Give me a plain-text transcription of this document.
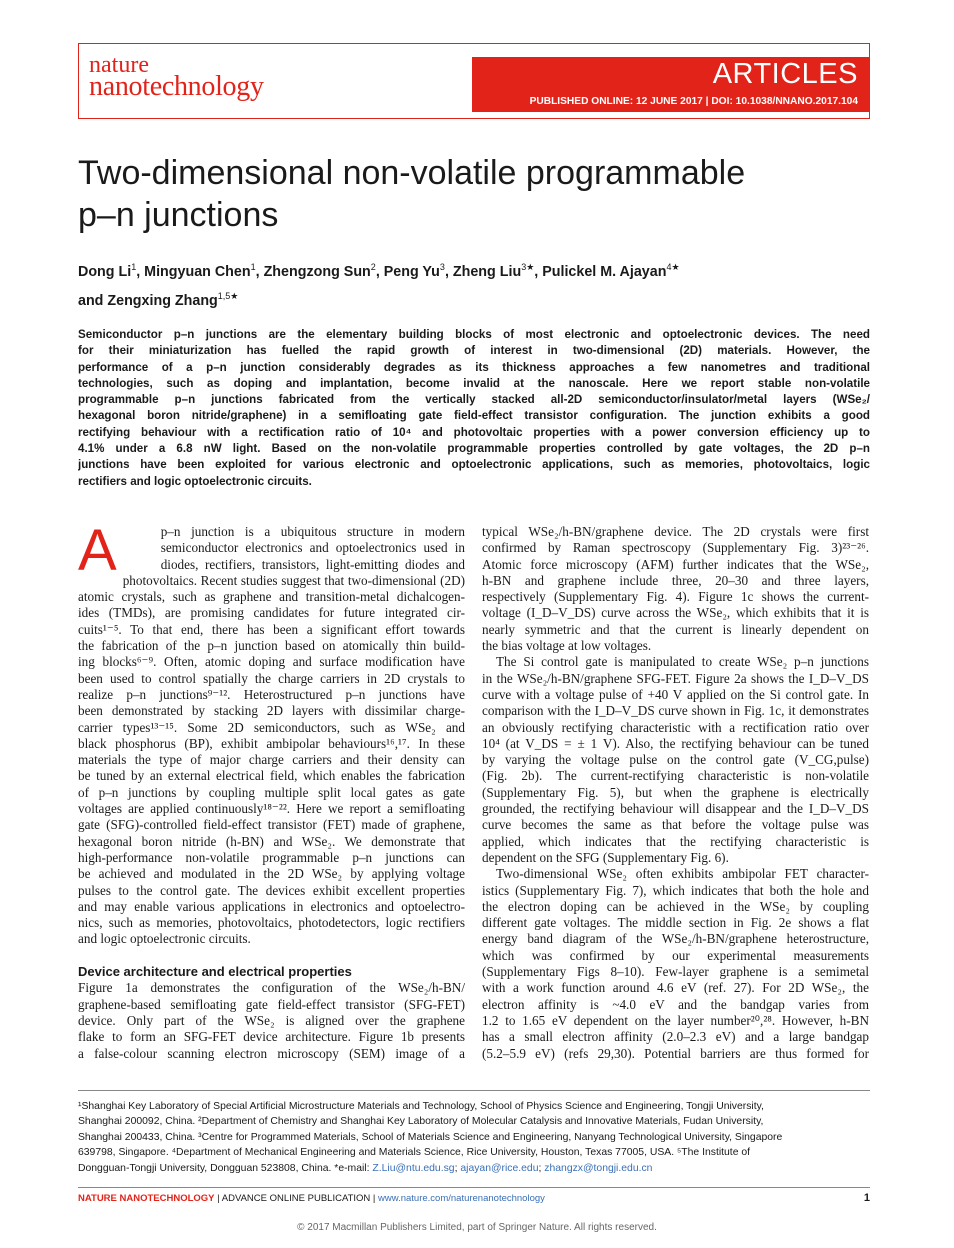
nature
nanotechnology	ARTICLES
PUBLISHED ONLINE: 12 JUNE 2017 | DOI: 10.1038/NNANO.2017.104
Two-dimensional non-volatile programmable
p–n junctions
Dong Li$^1$, Mingyuan Chen$^1$, Zhengzong Sun$^2$, Peng Yu$^3$, Zheng Liu$^{3★}$, Pulickel M. Ajayan$^{4★}$
and Zengxing Zhang$^{1,5★}$
Semiconductor p–n junctions are the elementary building blocks of most electronic and optoelectronic devices. The need
for their miniaturization has fuelled the rapid growth of interest in two-dimensional (2D) materials. However, the
performance of a p–n junction considerably degrades as its thickness approaches a few nanometres and traditional
technologies, such as doping and implantation, become invalid at the nanoscale. Here we report stable non-volatile
programmable p–n junctions fabricated from the vertically stacked all-2D semiconductor/insulator/metal layers (WSe₂/
hexagonal boron nitride/graphene) in a semifloating gate field-effect transistor configuration. The junction exhibits a good
rectifying behaviour with a rectification ratio of 10⁴ and photovoltaic properties with a power conversion efficiency up to
4.1% under a 6.8 nW light. Based on the non-volatile programmable properties controlled by gate voltages, the 2D p–n
junctions have been exploited for various electronic and optoelectronic applications, such as memories, photovoltaics, logic
rectifiers and logic optoelectronic circuits.
A	p–n junction is a ubiquitous structure in modern
semiconductor electronics and optoelectronics used in
diodes, rectifiers, transistors, light-emitting diodes and
photovoltaics. Recent studies suggest that two-dimensional (2D)
atomic crystals, such as graphene and transition-metal dichalcogen-
ides (TMDs), are promising candidates for future integrated cir-
cuits¹⁻⁵. To that end, there has been a significant effort towards
the fabrication of the p–n junction based on atomically thin build-
ing blocks⁶⁻⁹. Often, atomic doping and surface modification have
been used to control spatially the charge carriers in 2D crystals to
realize p–n junctions⁹⁻¹². Heterostructured p–n junctions have
been demonstrated by stacking 2D layers with dissimilar charge-
carrier types¹³⁻¹⁵. Some 2D semiconductors, such as WSe₂ and
black phosphorus (BP), exhibit ambipolar behaviours¹⁶,¹⁷. In these
materials the type of major charge carriers and their density can
be tuned by an external electrical field, which enables the fabrication
of p–n junctions by coupling multiple split local gates as gate
voltages are applied continuously¹⁸⁻²². Here we report a semifloating
gate (SFG)-controlled field-effect transistor (FET) made of graphene,
hexagonal boron nitride (h-BN) and WSe₂. We demonstrate that
high-performance non-volatile programmable p–n junctions can
be achieved and modulated in the 2D WSe₂ by applying voltage
pulses to the control gate. The devices exhibit excellent properties
and may enable various applications in electronics and optoelectro-
nics, such as memories, photovoltaics, photodetectors, logic rectifiers
and logic optoelectronic circuits.
Device architecture and electrical properties
Figure 1a demonstrates the configuration of the WSe₂/h-BN/
graphene-based semifloating gate field-effect transistor (SFG-FET)
device. Only part of the WSe₂ is aligned over the graphene
flake to form an SFG-FET device architecture. Figure 1b presents
a false-colour scanning electron microscopy (SEM) image of a
typical WSe₂/h-BN/graphene device. The 2D crystals were first
confirmed by Raman spectroscopy (Supplementary Fig. 3)²³⁻²⁶.
Atomic force microscopy (AFM) further indicates that the WSe₂,
h-BN and graphene include three, 20–30 and three layers,
respectively (Supplementary Fig. 4). Figure 1c shows the current-
voltage (I_D–V_DS) curve across the WSe₂, which exhibits that it is
nearly symmetric and that the current is linearly dependent on
the bias voltage at low voltages.
The Si control gate is manipulated to create WSe₂ p–n junctions
in the WSe₂/h-BN/graphene SFG-FET. Figure 2a shows the I_D–V_DS
curve with a voltage pulse of +40 V applied on the Si control gate. In
comparison with the I_D–V_DS curve shown in Fig. 1c, it demonstrates
an obviously rectifying characteristic with a rectification ratio over
10⁴ (at V_DS = ± 1 V). Also, the rectifying behaviour can be tuned
by varying the voltage pulse on the control gate (V_CG,pulse)
(Fig. 2b). The current-rectifying characteristic is non-volatile
(Supplementary Fig. 5), but when the graphene is electrically
grounded, the rectifying behaviour will disappear and the I_D–V_DS
curve becomes the same as that before the voltage pulse was
applied, which indicates that the rectifying characteristic is
dependent on the SFG (Supplementary Fig. 6).
Two-dimensional WSe₂ often exhibits ambipolar FET character-
istics (Supplementary Fig. 7), which indicates that both the hole and
the electron doping can be achieved in the WSe₂ by coupling
different gate voltages. The middle section in Fig. 2e shows a flat
energy band diagram of the WSe₂/h-BN/graphene heterostructure,
which was confirmed by our experimental measurements
(Supplementary Figs 8–10). Few-layer graphene is a semimetal
with a work function around 4.6 eV (ref. 27). For 2D WSe₂, the
electron affinity is ~4.0 eV and the bandgap varies from
1.2 to 1.65 eV dependent on the layer number²⁰,²⁸. However, h-BN
has a small electron affinity (2.0–2.3 eV) and a large bandgap
(5.2–5.9 eV) (refs 29,30). Potential barriers are thus formed for
¹Shanghai Key Laboratory of Special Artificial Microstructure Materials and Technology, School of Physics Science and Engineering, Tongji University,
Shanghai 200092, China. ²Department of Chemistry and Shanghai Key Laboratory of Molecular Catalysis and Innovative Materials, Fudan University,
Shanghai 200433, China. ³Centre for Programmed Materials, School of Materials Science and Engineering, Nanyang Technological University, Singapore
639798, Singapore. ⁴Department of Mechanical Engineering and Materials Science, Rice University, Houston, Texas 77005, USA. ⁵The Institute of
Dongguan-Tongji University, Dongguan 523808, China. *e-mail: Z.Liu@ntu.edu.sg; ajayan@rice.edu; zhangzx@tongji.edu.cn
NATURE NANOTECHNOLOGY | ADVANCE ONLINE PUBLICATION | www.nature.com/naturenanotechnology	1
© 2017 Macmillan Publishers Limited, part of Springer Nature. All rights reserved.
